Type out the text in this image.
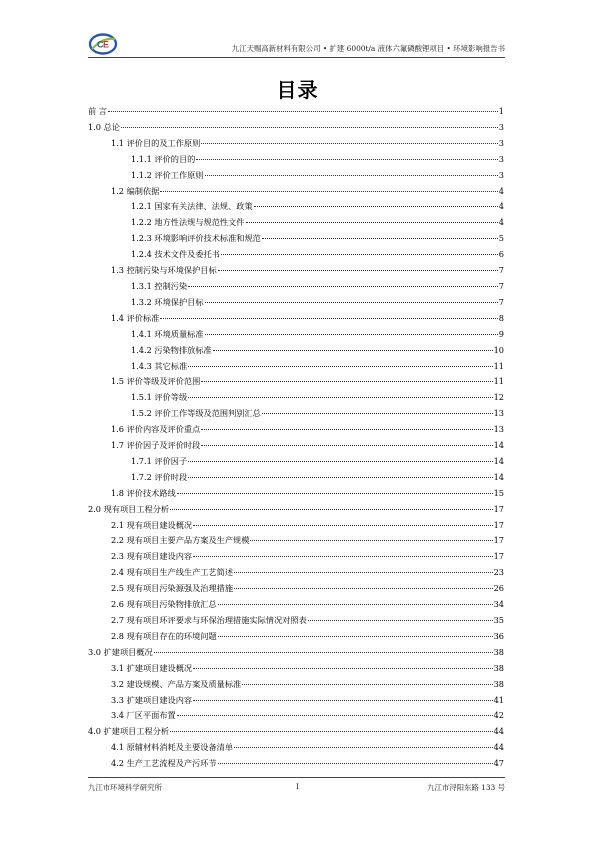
C E	九江天赐高新材料有限公司 • 扩建 6000t/a 液体六氟磷酸锂项目 • 环境影响报告书
目录
前 言	1
1.0 总论	3
1.1 评价目的及工作原则	3
1.1.1 评价的目的	3
1.1.2 评价工作原则	3
1.2 编制依据	4
1.2.1 国家有关法律、法规、政策	4
1.2.2 地方性法规与规范性文件	4
1.2.3 环境影响评价技术标准和规范	5
1.2.4 技术文件及委托书	6
1.3 控制污染与环境保护目标	7
1.3.1 控制污染	7
1.3.2 环境保护目标	7
1.4 评价标准	8
1.4.1 环境质量标准	9
1.4.2 污染物排放标准	10
1.4.3 其它标准	11
1.5 评价等级及评价范围	11
1.5.1 评价等级	12
1.5.2 评价工作等级及范围判别汇总	13
1.6 评价内容及评价重点	13
1.7 评价因子及评价时段	14
1.7.1 评价因子	14
1.7.2 评价时段	14
1.8 评价技术路线	15
2.0 现有项目工程分析	17
2.1 现有项目建设概况	17
2.2 现有项目主要产品方案及生产规模	17
2.3 现有项目建设内容	17
2.4 现有项目生产线生产工艺简述	23
2.5 现有项目污染源强及治理措施	26
2.6 现有项目污染物排放汇总	34
2.7 现有项目环评要求与环保治理措施实际情况对照表	35
2.8 现有项目存在的环境问题	36
3.0 扩建项目概况	38
3.1 扩建项目建设概况	38
3.2 建设规模、产品方案及质量标准	38
3.3 扩建项目建设内容	41
3.4 厂区平面布置	42
4.0 扩建项目工程分析	44
4.1 原辅材料消耗及主要设备清单	44
4.2 生产工艺流程及产污环节	47
九江市环境科学研究所	I	九江市浔阳东路 133 号
